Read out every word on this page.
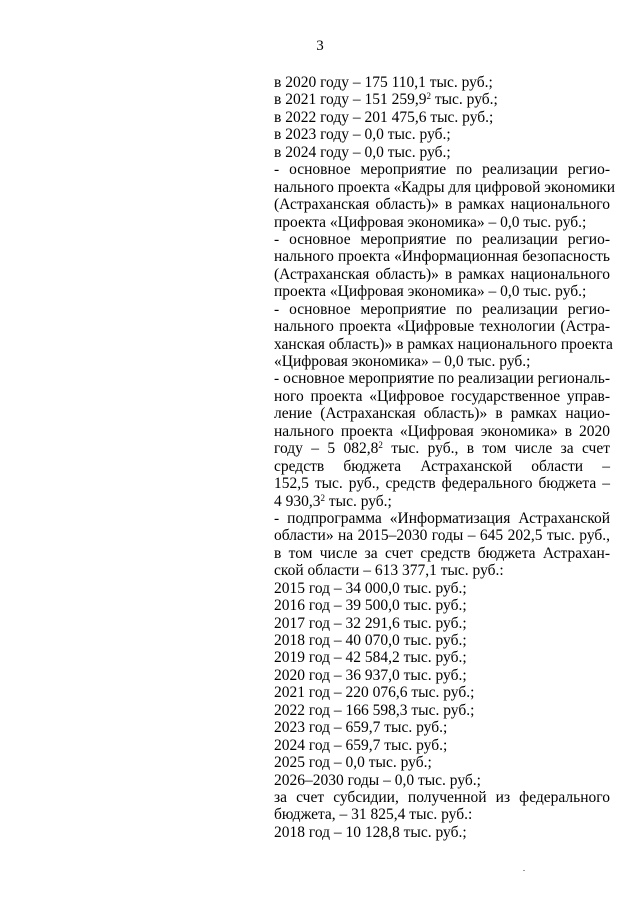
3
в 2020 году – 175 110,1 тыс. руб.;
в 2021 году – 151 259,9$^2$ тыс. руб.;
в 2022 году – 201 475,6 тыс. руб.;
в 2023 году – 0,0 тыс. руб.;
в 2024 году – 0,0 тыс. руб.;
- основное мероприятие по реализации регио-
нального проекта «Кадры для цифровой экономики
(Астраханская область)» в рамках национального
проекта «Цифровая экономика» – 0,0 тыс. руб.;
- основное мероприятие по реализации регио-
нального проекта «Информационная безопасность
(Астраханская область)» в рамках национального
проекта «Цифровая экономика» – 0,0 тыс. руб.;
- основное мероприятие по реализации регио-
нального проекта «Цифровые технологии (Астра-
ханская область)» в рамках национального проекта
«Цифровая экономика» – 0,0 тыс. руб.;
- основное мероприятие по реализации региональ-
ного проекта «Цифровое государственное управ-
ление (Астраханская область)» в рамках нацио-
нального проекта «Цифровая экономика» в 2020
году – 5 082,8$^2$ тыс. руб., в том числе за счет
средств бюджета Астраханской области –
152,5 тыс. руб., средств федерального бюджета –
4 930,3$^2$ тыс. руб.;
- подпрограмма «Информатизация Астраханской
области» на 2015–2030 годы – 645 202,5 тыс. руб.,
в том числе за счет средств бюджета Астрахан-
ской области – 613 377,1 тыс. руб.:
2015 год – 34 000,0 тыс. руб.;
2016 год – 39 500,0 тыс. руб.;
2017 год – 32 291,6 тыс. руб.;
2018 год – 40 070,0 тыс. руб.;
2019 год – 42 584,2 тыс. руб.;
2020 год – 36 937,0 тыс. руб.;
2021 год – 220 076,6 тыс. руб.;
2022 год – 166 598,3 тыс. руб.;
2023 год – 659,7 тыс. руб.;
2024 год – 659,7 тыс. руб.;
2025 год – 0,0 тыс. руб.;
2026–2030 годы – 0,0 тыс. руб.;
за счет субсидии, полученной из федерального
бюджета, – 31 825,4 тыс. руб.:
2018 год – 10 128,8 тыс. руб.;
